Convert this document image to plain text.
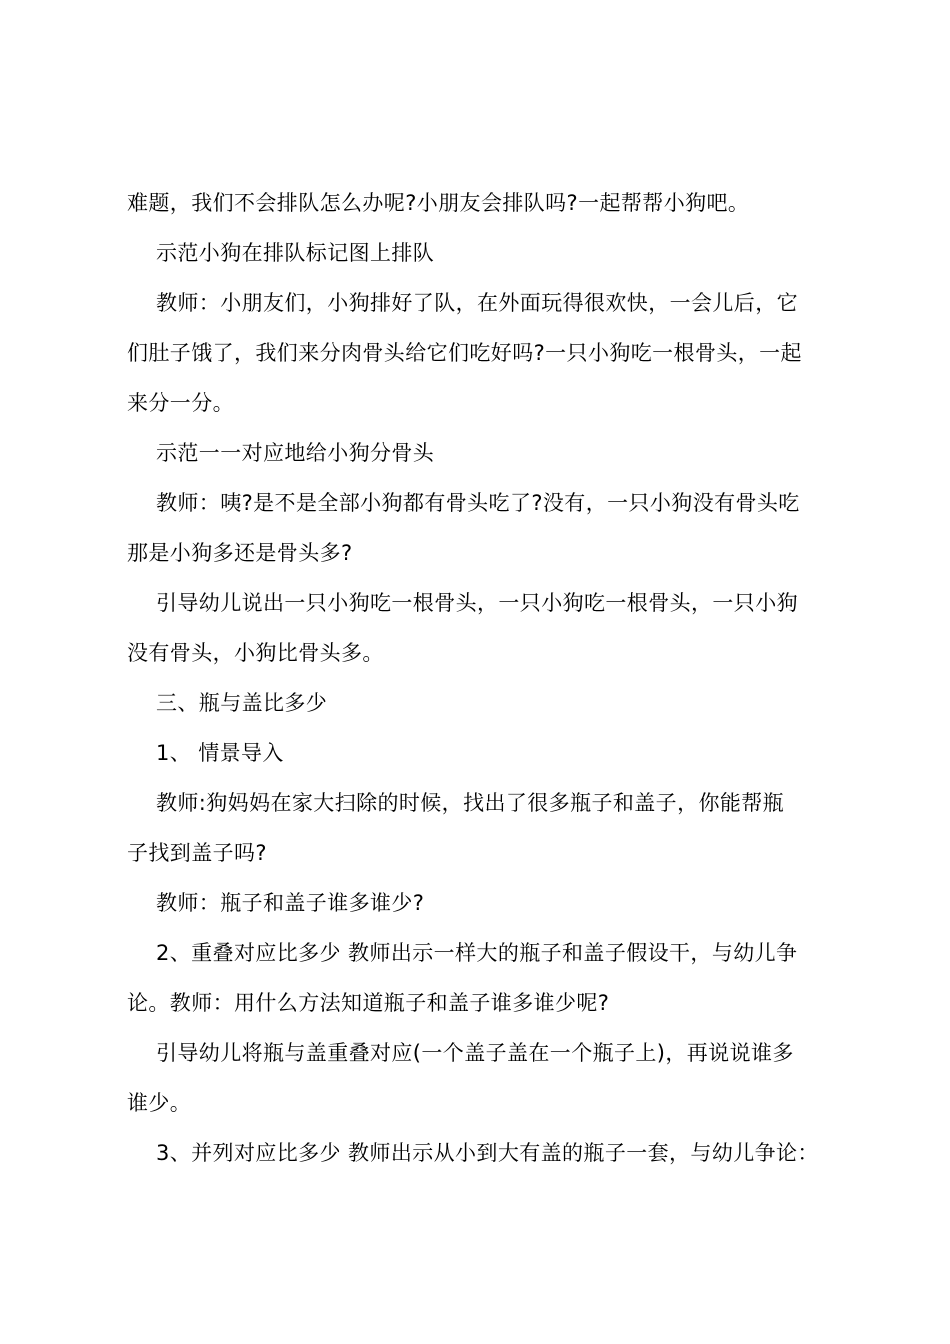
难题，我们不会排队怎么办呢?小朋友会排队吗?一起帮帮小狗吧。
示范小狗在排队标记图上排队
教师：小朋友们，小狗排好了队，在外面玩得很欢快，一会儿后，它
们肚子饿了，我们来分肉骨头给它们吃好吗?一只小狗吃一根骨头，一起
来分一分。
示范一一对应地给小狗分骨头
教师：咦?是不是全部小狗都有骨头吃了?没有，一只小狗没有骨头吃
那是小狗多还是骨头多?
引导幼儿说出一只小狗吃一根骨头，一只小狗吃一根骨头，一只小狗
没有骨头，小狗比骨头多。
三、瓶与盖比多少
1、 情景导入
教师:狗妈妈在家大扫除的时候，找出了很多瓶子和盖子，你能帮瓶
子找到盖子吗?
教师：瓶子和盖子谁多谁少?
2、重叠对应比多少 教师出示一样大的瓶子和盖子假设干，与幼儿争
论。教师：用什么方法知道瓶子和盖子谁多谁少呢?
引导幼儿将瓶与盖重叠对应(一个盖子盖在一个瓶子上)，再说说谁多
谁少。
3、并列对应比多少 教师出示从小到大有盖的瓶子一套，与幼儿争论：
